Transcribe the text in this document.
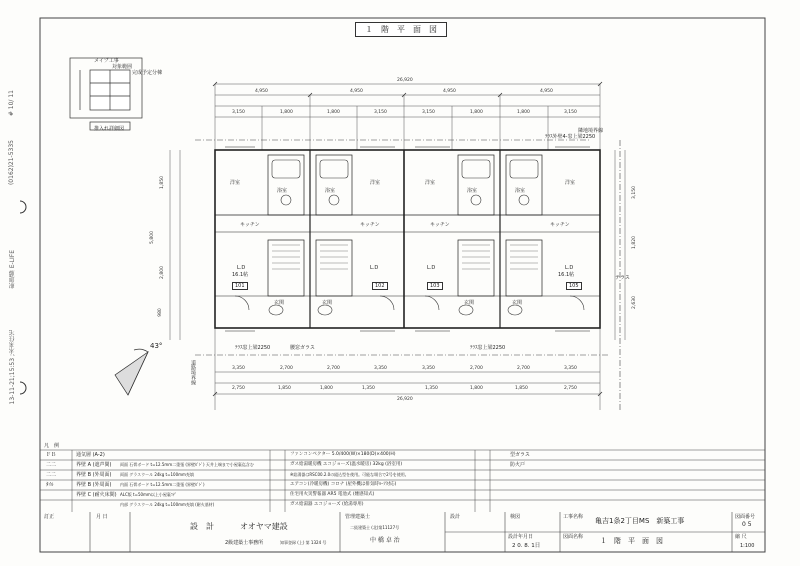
１　階　平　面　図
# 10/ 11
(0162)21-5335
釈迦藤 E-LIFE
13-11-21;15:53 ;未来住宅
メイプ工事
対象範囲
完成予定分棟
推入れ詳細図
26,920
4,950	4,950	4,950	4,950
3,150	1,800	1,800	3,150	3,150	1,800	1,800	3,150
1,850
5,800
2,800
980
3,150
1,820
2,630
3,350	2,700	2,700	3,350	3,350	2,700	2,700	3,350
2,750	1,850	1,800	1,350	1,350	1,800	1,850	2,750
26,920
隣地境界線
道路境界線
43°
洋室	洋室	洋室	洋室
浴室	浴室	浴室	浴室
キッチン	キッチン	キッチン	キッチン
L.D	L.D	L.D	L.D
16.1帖	16.1帖
玄関	玄関	玄関	玄関
テラス
101	102	103	105
ﾃﾗｽ窓上梁2250	腰窓ガラス	ﾃﾗｽ窓上梁2250
ﾃﾗｽ外壁4-窓上梁2250
凡　例
ＦＢ	通気層 (A-2)
二二	界壁 A (遮声間) 両面 石膏ボード t=12.5mm二重張 (界壁ｶﾞﾄﾞ) 天井上端まで小屋裏迄含む
二二	界壁 B (外周面) 両面 グラスウール 24kg t=100mm充填
ﾀｲﾙ	界壁 B (外周面) 内面 石膏ボード t=12.5mm二重張 (界壁ｶﾞﾄﾞ)
界壁 C (耐火床間) ALC版 t=50mm以上小屋裏ﾏﾃﾞ
内部 グラスウール 24kg t=100mm充填 (耐火基材)
ファンコンベクター 5.0/400(W)×180(D)×400(H)
ガス給湯暖房機 エコジョーズ(温水暖房) 32kg (浴室用)
※給湯器はRSC00.2.0の組込型を使用。可能な場合で2号を使用。
エアコン(冷暖房機) コロナ (屋外機は排気時ﾙｰﾌ対応)
住宅用火災警報器 AR5 電池式 (煙感知式)
ガス給湯器 エコジョーズ (給湯専用)
型ガラス
防火戸
訂正	月 日
設　計	オオヤマ建設
2級建築士事務所	知事登録 (上) 第 1324 号
管理建築士
二級建築士 (北)第11127号
中 橋 卓 治
設計	検図
設計年月日
2 0. 8. 1日
工事名称 亀吉1条2丁目MS　新築工事
図面名称 １　階　平　面　図
図面番号
0 5
縮 尺
1:100
